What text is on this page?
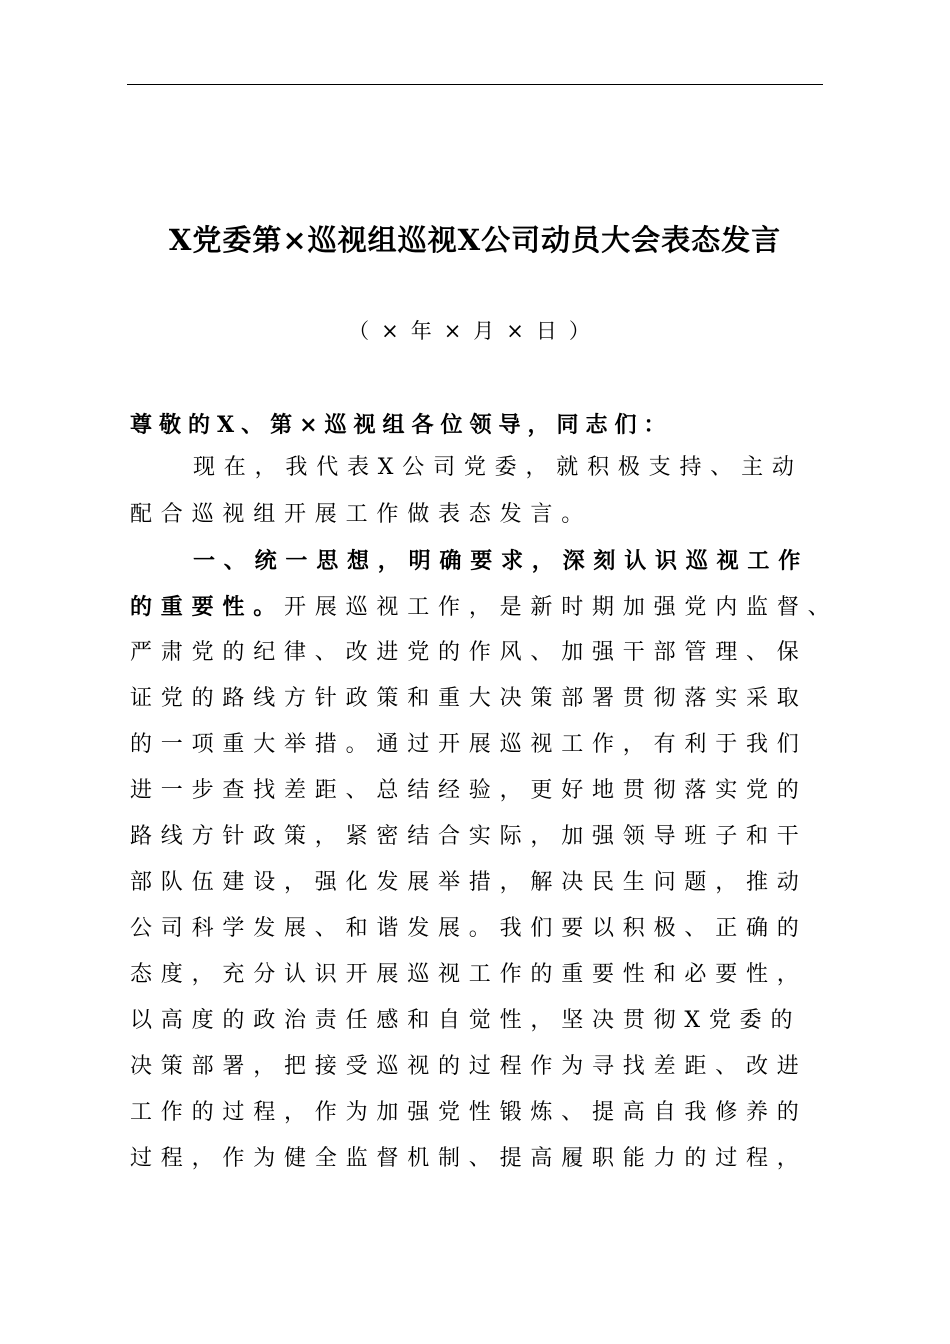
X党委第×巡视组巡视X公司动员大会表态发言
（×年×月×日）
尊敬的X、第×巡视组各位领导，同志们：
现在，我代表X公司党委，就积极支持、主动
配合巡视组开展工作做表态发言。
一、统一思想，明确要求，深刻认识巡视工作
的重要性。开展巡视工作，是新时期加强党内监督、
严肃党的纪律、改进党的作风、加强干部管理、保
证党的路线方针政策和重大决策部署贯彻落实采取
的一项重大举措。通过开展巡视工作，有利于我们
进一步查找差距、总结经验，更好地贯彻落实党的
路线方针政策，紧密结合实际，加强领导班子和干
部队伍建设，强化发展举措，解决民生问题，推动
公司科学发展、和谐发展。我们要以积极、正确的
态度，充分认识开展巡视工作的重要性和必要性，
以高度的政治责任感和自觉性，坚决贯彻X党委的
决策部署，把接受巡视的过程作为寻找差距、改进
工作的过程，作为加强党性锻炼、提高自我修养的
过程，作为健全监督机制、提高履职能力的过程，
